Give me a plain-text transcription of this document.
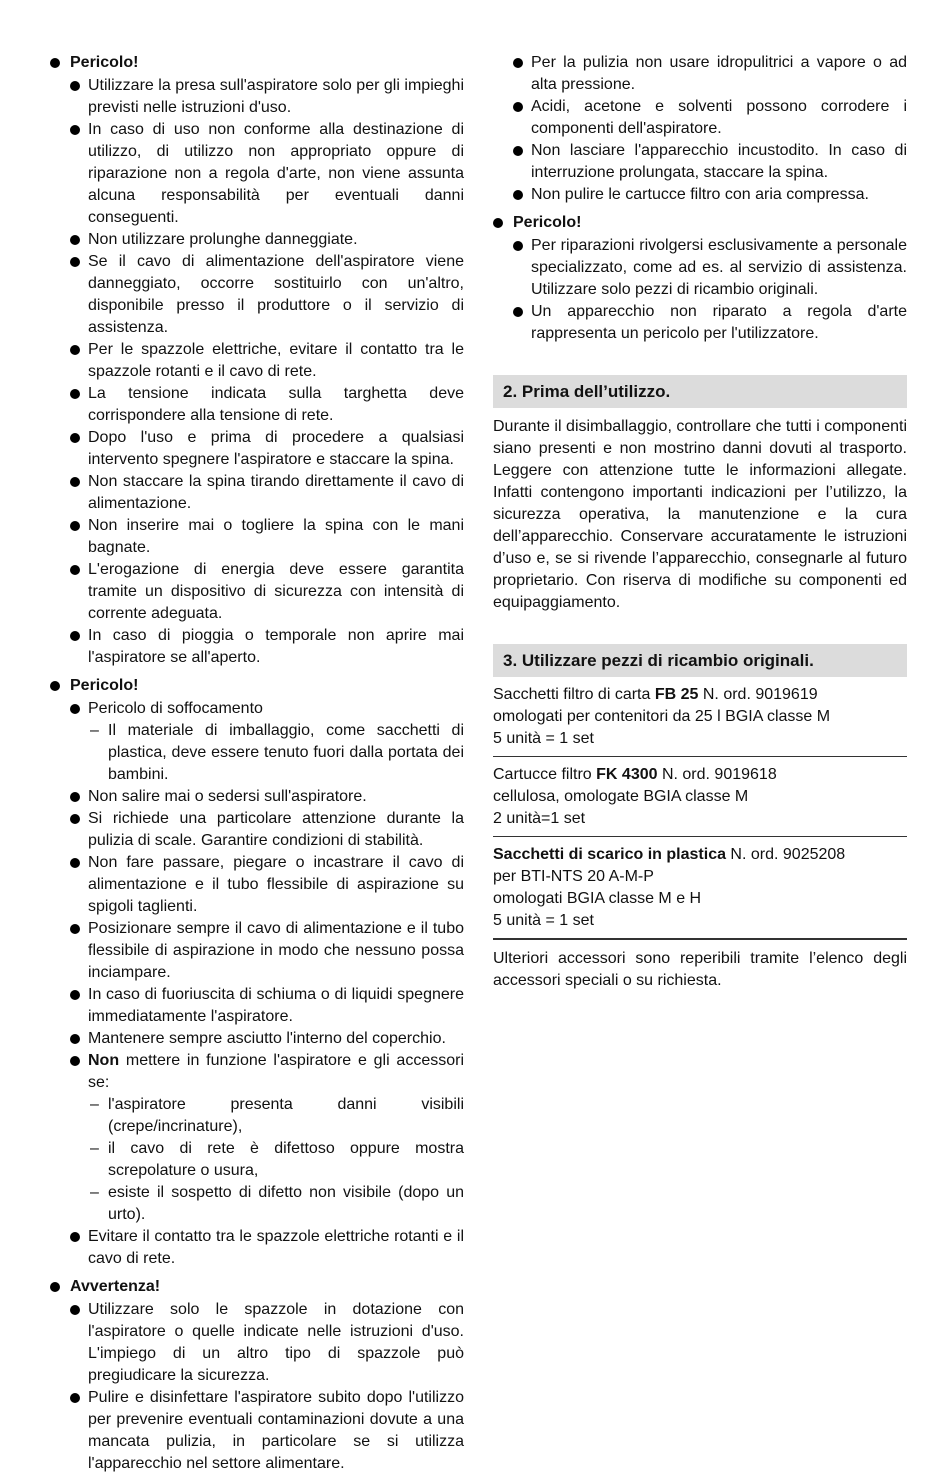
Pericolo!
Utilizzare la presa sull'aspiratore solo per gli impieghi previsti nelle istruzioni d'uso.
In caso di uso non conforme alla destinazione di utilizzo, di utilizzo non appropriato oppure di riparazione non a regola d'arte, non viene assunta alcuna responsabilità per eventuali danni conseguenti.
Non utilizzare prolunghe danneggiate.
Se il cavo di alimentazione dell'aspiratore viene danneggiato, occorre sostituirlo con un'altro, disponibile presso il produttore o il servizio di assistenza.
Per le spazzole elettriche, evitare il contatto tra le spazzole rotanti e il cavo di rete.
La tensione indicata sulla targhetta deve corrispondere alla tensione di rete.
Dopo l'uso e prima di procedere a qualsiasi intervento spegnere l'aspiratore e staccare la spina.
Non staccare la spina tirando direttamente il cavo di alimentazione.
Non inserire mai o togliere la spina con le mani bagnate.
L'erogazione di energia deve essere garantita tramite un dispositivo di sicurezza con intensità di corrente adeguata.
In caso di pioggia o temporale non aprire mai l'aspiratore se all'aperto.
Pericolo!
Pericolo di soffocamento
– Il materiale di imballaggio, come sacchetti di plastica, deve essere tenuto fuori dalla portata dei bambini.
Non salire mai o sedersi sull'aspiratore.
Si richiede una particolare attenzione durante la pulizia di scale. Garantire condizioni di stabilità.
Non fare passare, piegare o incastrare il cavo di alimentazione e il tubo flessibile di aspirazione su spigoli taglienti.
Posizionare sempre il cavo di alimentazione e il tubo flessibile di aspirazione in modo che nessuno possa inciampare.
In caso di fuoriuscita di schiuma o di liquidi spegnere immediatamente l'aspiratore.
Mantenere sempre asciutto l'interno del coperchio.
Non mettere in funzione l'aspiratore e gli accessori se:
– l'aspiratore presenta danni visibili (crepe/incrinature),
– il cavo di rete è difettoso oppure mostra screpolature o usura,
– esiste il sospetto di difetto non visibile (dopo un urto).
Evitare il contatto tra le spazzole elettriche rotanti e il cavo di rete.
Avvertenza!
Utilizzare solo le spazzole in dotazione con l'aspiratore o quelle indicate nelle istruzioni d'uso. L'impiego di un altro tipo di spazzole può pregiudicare la sicurezza.
Pulire e disinfettare l'aspiratore subito dopo l'utilizzo per prevenire eventuali contaminazioni dovute a una mancata pulizia, in particolare se si utilizza l'apparecchio nel settore alimentare.
Per la pulizia non usare idropulitrici a vapore o ad alta pressione.
Acidi, acetone e solventi possono corrodere i componenti dell'aspiratore.
Non lasciare l'apparecchio incustodito. In caso di interruzione prolungata, staccare la spina.
Non pulire le cartucce filtro con aria compressa.
Pericolo!
Per riparazioni rivolgersi esclusivamente a personale specializzato, come ad es. al servizio di assistenza. Utilizzare solo pezzi di ricambio originali.
Un apparecchio non riparato a regola d'arte rappresenta un pericolo per l'utilizzatore.
2. Prima dell’utilizzo.
Durante il disimballaggio, controllare che tutti i componenti siano presenti e non mostrino danni dovuti al trasporto. Leggere con attenzione tutte le informazioni allegate. Infatti contengono importanti indicazioni per l’utilizzo, la sicurezza operativa, la manutenzione e la cura dell’apparecchio. Conservare accuratamente le istruzioni d’uso e, se si rivende l’apparecchio, consegnarle al futuro proprietario. Con riserva di modifiche su componenti ed equipaggiamento.
3. Utilizzare pezzi di ricambio originali.
Sacchetti filtro di carta FB 25 N. ord. 9019619
omologati per contenitori da 25 l BGIA classe M
5 unità = 1 set
Cartucce filtro FK 4300 N. ord. 9019618
cellulosa, omologate BGIA classe M
2 unità=1 set
Sacchetti di scarico in plastica N. ord. 9025208
per BTI-NTS 20 A-M-P
omologati BGIA classe M e H
5 unità = 1 set
Ulteriori accessori sono reperibili tramite l’elenco degli accessori speciali o su richiesta.
